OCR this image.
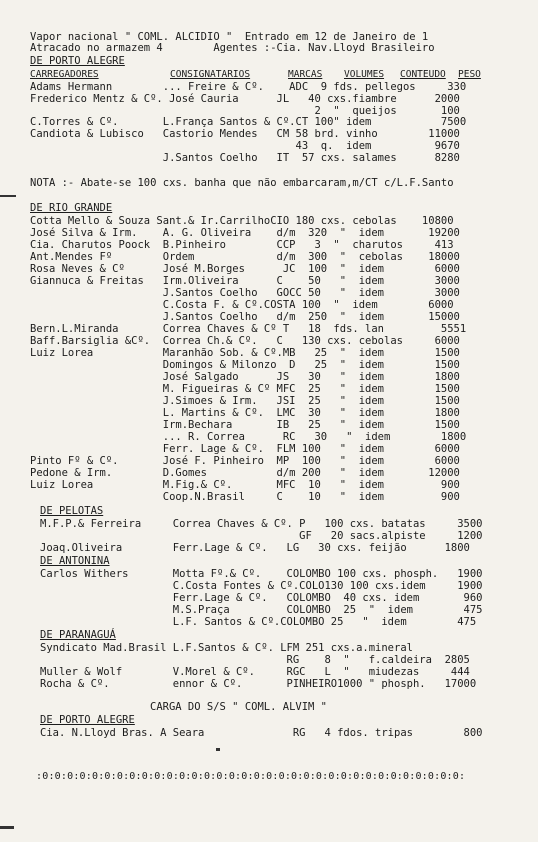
Vapor nacional " COML. ALCIDIO "  Entrado em 12 de Janeiro de 1
Atracado no armazem 4        Agentes :-Cia. Nav.Lloyd Brasileiro
DE PORTO ALEGRE
CARREGADORES	CONSIGNATARIOS	MARCAS VOLUMES CONTEUDO PESO
Adams Hermann        ... Freire & Cº.    ADC  9 fds. pellegos     330
Frederico Mentz & Cº. José Cauria      JL   40 cxs.fiambre      2000
2  "  queijos       100
C.Torres & Cº.       L.França Santos & Cº.CT 100" idem           7500
Candiota & Lubisco   Castorio Mendes   CM 58 brd. vinho        11000
43  q.  idem          9670
J.Santos Coelho   IT  57 cxs. salames      8280
NOTA :- Abate-se 100 cxs. banha que não embarcaram,m/CT c/L.F.Santo
DE RIO GRANDE
Cotta Mello & Souza Sant.& Ir.CarrilhoCIO 180 cxs. cebolas    10800
José Silva & Irm.    A. G. Oliveira    d/m  320  "  idem       19200
Cia. Charutos Poock  B.Pinheiro        CCP   3  "  charutos     413
Ant.Mendes Fº        Ordem             d/m  300  "  cebolas    18000
Rosa Neves & Cº      José M.Borges      JC  100  "  idem        6000
Giannuca & Freitas   Irm.Oliveira      C    50   "  idem        3000
J.Santos Coelho   GOCC 50   "  idem        3000
C.Costa F. & Cº.COSTA 100  "  idem        6000
J.Santos Coelho   d/m  250  "  idem       15000
Bern.L.Miranda       Correa Chaves & Cº T   18  fds. lan         5551
Baff.Barsiglia &Cº.  Correa Ch.& Cº.   C   130 cxs. cebolas     6000
Luiz Lorea           Maranhão Sob. & Cº.MB   25  "  idem        1500
Domingos & Milonzo  D   25  "  idem        1500
José Salgado      JS   30   "  idem        1800
M. Figueiras & Cº MFC  25   "  idem        1500
J.Simoes & Irm.   JSI  25   "  idem        1500
L. Martins & Cº.  LMC  30   "  idem        1800
Irm.Bechara       IB   25   "  idem        1500
... R. Correa      RC   30   "  idem        1800
Ferr. Lage & Cº.  FLM 100   "  idem        6000
Pinto Fº & Cº.       José F. Pinheiro  MP  100   "  idem        6000
Pedone & Irm.        D.Gomes           d/m 200   "  idem       12000
Luiz Lorea           M.Fig.& Cº.       MFC  10   "  idem         900
Coop.N.Brasil     C    10   "  idem         900
DE PELOTAS
M.F.P.& Ferreira     Correa Chaves & Cº. P   100 cxs. batatas     3500
GF   20 sacs.alpiste     1200
Joaq.Oliveira        Ferr.Lage & Cº.   LG   30 cxs. feijão      1800
DE ANTONINA
Carlos Withers       Motta Fº.& Cº.    COLOMBO 100 cxs. phosph.   1900
C.Costa Fontes & Cº.COLO130 100 cxs.idem     1900
Ferr.Lage & Cº.   COLOMBO  40 cxs. idem       960
M.S.Praça         COLOMBO  25  "  idem        475
L.F. Santos & Cº.COLOMBO 25   "  idem        475
DE PARANAGUÁ
Syndicato Mad.Brasil L.F.Santos & Cº. LFM 251 cxs.a.mineral
RG    8  "   f.caldeira  2805
Muller & Wolf        V.Morel & Cº.     RGC   L  "   miudezas     444
Rocha & Cº.          ennor & Cº.       PINHEIRO1000 " phosph.   17000
CARGA DO S/S " COML. ALVIM "
DE PORTO ALEGRE
Cia. N.Lloyd Bras. A Seara              RG   4 fdos. tripas        800
:0:0:0:0:0:0:0:0:0:0:0:0:0:0:0:0:0:0:0:0:0:0:0:0:0:0:0:0:0:0:0:0:0:0:
